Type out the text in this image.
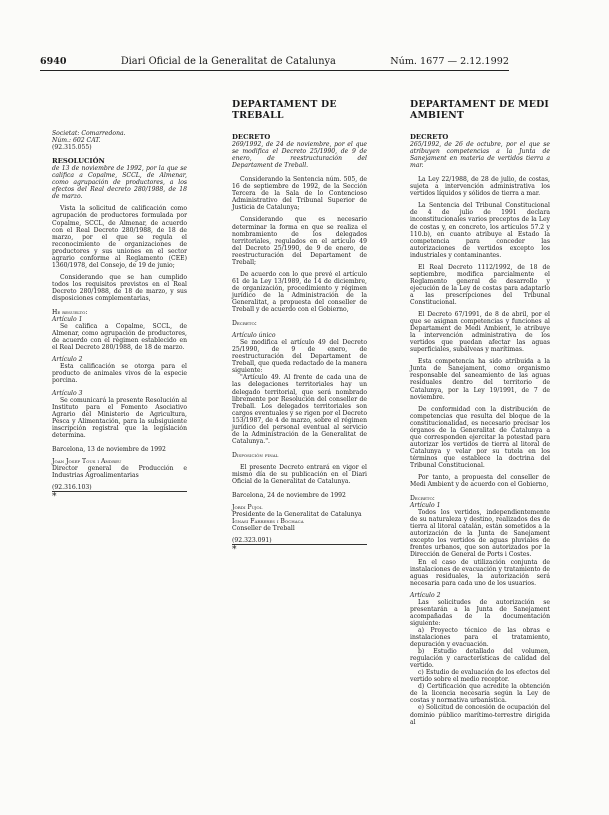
6940	Diari Oficial de la Generalitat de Catalunya	Núm. 1677 — 2.12.1992

Societat: Comarredona.

Núm.: 602 CAT.

(92.315.055)

RESOLUCIÓN

de 13 de noviembre de 1992, por la que se califica a Copalme, SCCL, de Almenar, como agrupación de productores, a los efectos del Real decreto 280/1988, de 18 de marzo.

Vista la solicitud de calificación como agrupación de productores formulada por Copalme, SCCL, de Almenar, de acuerdo con el Real Decreto 280/1988, de 18 de marzo, por el que se regula el reconocimiento de organizaciones de productores y sus uniones en el sector agrario conforme al Reglamento (CEE) 1360/1978, del Consejo, de 19 de junio;

Considerando que se han cumplido todos los requisitos previstos en el Real Decreto 280/1988, de 18 de marzo, y sus disposiciones complementarias,

He resuelto:

Artículo 1

Se califica a Copalme, SCCL, de Almenar, como agrupación de productores, de acuerdo con el régimen establecido en el Real Decreto 280/1988, de 18 de marzo.

Artículo 2

Esta calificación se otorga para el producto de animales vivos de la especie porcina.

Artículo 3

Se comunicará la presente Resolución al Instituto para el Fomento Asociativo Agrario del Ministerio de Agricultura, Pesca y Alimentación, para la subsiguiente inscripción registral que la legislación determina.

Barcelona, 13 de noviembre de 1992

Joan Josep Tous i Andreu

Director general de Producción e Industrias Agroalimentarias

(92.316.103)

*

DEPARTAMENT DE TREBALL

DECRETO

269/1992, de 24 de noviembre, por el que se modifica el Decreto 25/1990, de 9 de enero, de reestructuración del Departament de Treball.

Considerando la Sentencia núm. 505, de 16 de septiembre de 1992, de la Sección Tercera de la Sala de lo Contencioso Administrativo del Tribunal Superior de Justicia de Catalunya;

Considerando que es necesario determinar la forma en que se realiza el nombramiento de los delegados territoriales, regulados en el artículo 49 del Decreto 25/1990, de 9 de enero, de reestructuración del Departament de Treball;

De acuerdo con lo que prevé el artículo 61 de la Ley 13/1989, de 14 de diciembre, de organización, procedimiento y régimen jurídico de la Administración de la Generalitat, a propuesta del conseller de Treball y de acuerdo con el Gobierno,

Decreto:

Artículo único

Se modifica el artículo 49 del Decreto 25/1990, de 9 de enero, de reestructuración del Departament de Treball, que queda redactado de la manera siguiente:

"Artículo 49. Al frente de cada una de las delegaciones territoriales hay un delegado territorial, que será nombrado libremente por Resolución del conseller de Treball. Los delegados territoriales son cargos eventuales y se rigen por el Decreto 153/1987, de 4 de marzo, sobre el régimen jurídico del personal eventual al servicio de la Administración de la Generalitat de Catalunya.".

Disposición final

El presente Decreto entrará en vigor el mismo día de su publicación en el Diari Oficial de la Generalitat de Catalunya.

Barcelona, 24 de noviembre de 1992

Jordi Pujol

Presidente de la Generalitat de Catalunya

Ignasi Farreres i Bochaca

Conseller de Treball

(92.323.091)

*

DEPARTAMENT DE MEDI AMBIENT

DECRETO

265/1992, de 26 de octubre, por el que se atribuyen competencias a la Junta de Sanejament en materia de vertidos tierra a mar.

La Ley 22/1988, de 28 de julio, de costas, sujeta a intervención administrativa los vertidos líquidos y sólidos de tierra a mar.

La Sentencia del Tribunal Constitucional de 4 de julio de 1991 declara inconstitucionales varios preceptos de la Ley de costas y, en concreto, los artículos 57.2 y 110.b), en cuanto atribuye al Estado la competencia para conceder las autorizaciones de vertidos excepto los industriales y contaminantes.

El Real Decreto 1112/1992, de 18 de septiembre, modifica parcialmente el Reglamento general de desarrollo y ejecución de la Ley de costas para adaptarlo a las prescripciones del Tribunal Constitucional.

El Decreto 67/1991, de 8 de abril, por el que se asignan competencias y funciones al Departament de Medi Ambient, le atribuye la intervención administrativa de los vertidos que puedan afectar las aguas superficiales, subálveas y marítimas.

Esta competencia ha sido atribuida a la Junta de Sanejament, como organismo responsable del saneamiento de las aguas residuales dentro del territorio de Catalunya, por la Ley 19/1991, de 7 de noviembre.

De conformidad con la distribución de competencias que resulta del bloque de la constitucionalidad, es necesario precisar los órganos de la Generalitat de Catalunya a que corresponden ejercitar la potestad para autorizar los vertidos de tierra al litoral de Catalunya y velar por su tutela en los términos que establece la doctrina del Tribunal Constitucional.

Por tanto, a propuesta del conseller de Medi Ambient y de acuerdo con el Gobierno,

Decreto:

Artículo 1

Todos los vertidos, independientemente de su naturaleza y destino, realizados des de tierra al litoral catalán, están sometidos a la autorización de la Junta de Sanejament excepto los vertidos de aguas pluviales de frentes urbanos, que son autorizados por la Dirección de General de Ports i Costes.

En el caso de utilización conjunta de instalaciones de evacuación y tratamiento de aguas residuales, la autorización será necesaria para cada uno de los usuarios.

Artículo 2

Las solicitudes de autorización se presentarán a la Junta de Sanejament acompañadas de la documentación siguiente:

a) Proyecto técnico de las obras e instalaciones para el tratamiento, depuración y evacuación.

b) Estudio detallado del volumen, regulación y características de calidad del vertido.

c) Estudio de evaluación de los efectos del vertido sobre el medio receptor.

d) Certificación que acredite la obtención de la licencia necesaria según la Ley de costas y normativa urbanística.

e) Solicitud de concesión de ocupación del dominio público marítimo-terrestre dirigida al
